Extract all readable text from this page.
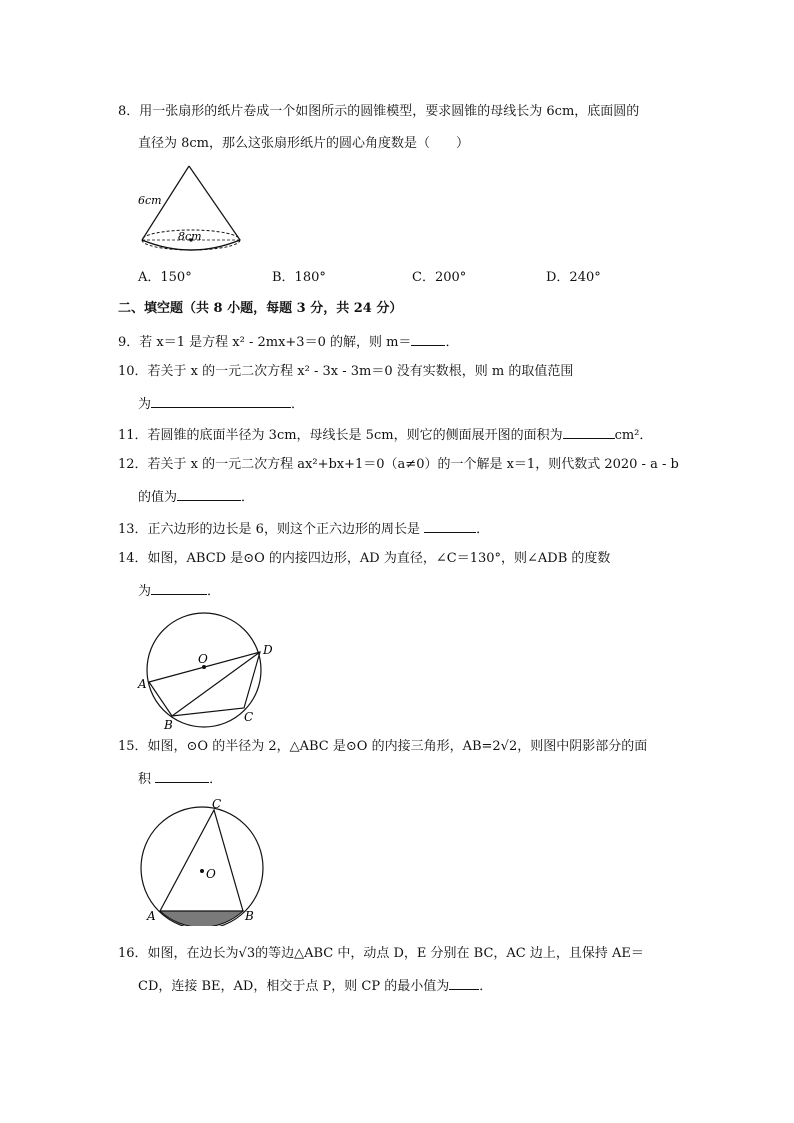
8．用一张扇形的纸片卷成一个如图所示的圆锥模型，要求圆锥的母线长为 6cm，底面圆的
直径为 8cm，那么这张扇形纸片的圆心角度数是（　　）
6cm
8cm
A．150°	B．180°	C．200°	D．240°
二、填空题（共 8 小题，每题 3 分，共 24 分）
9．若 x＝1 是方程 x² - 2mx+3＝0 的解，则 m＝	．
10．若关于 x 的一元二次方程 x² - 3x - 3m＝0 没有实数根，则 m 的取值范围
为	．
11．若圆锥的底面半径为 3cm，母线长是 5cm，则它的侧面展开图的面积为	cm²．
12．若关于 x 的一元二次方程 ax²+bx+1＝0（a≠0）的一个解是 x＝1，则代数式 2020 - a - b
的值为	．
13．正六边形的边长是 6，则这个正六边形的周长是	．
14．如图，ABCD 是⊙O 的内接四边形，AD 为直径，∠C＝130°，则∠ADB 的度数
为	．
O
A
B
C
D
15．如图，⊙O 的半径为 2，△ABC 是⊙O 的内接三角形，AB=2√2，则图中阴影部分的面
积	．
O
A	B
C
16．如图，在边长为√3的等边△ABC 中，动点 D，E 分别在 BC，AC 边上，且保持 AE＝
CD，连接 BE，AD，相交于点 P，则 CP 的最小值为 ．
